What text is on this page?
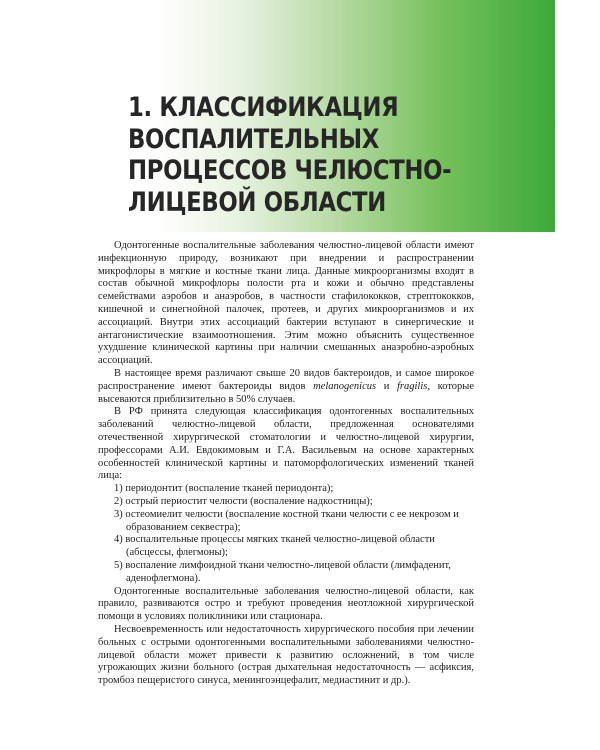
1. КЛАССИФИКАЦИЯ
ВОСПАЛИТЕЛЬНЫХ
ПРОЦЕССОВ ЧЕЛЮСТНО-
ЛИЦЕВОЙ ОБЛАСТИ

Одонтогенные воспалительные заболевания челюстно-лицевой области имеют инфекционную природу, возникают при внедрении и распространении микрофлоры в мягкие и костные ткани лица. Данные микроорганизмы входят в состав обычной микрофлоры полости рта и кожи и обычно представлены семействами аэробов и анаэробов, в частности стафилококков, стрептококков, кишечной и синегнойной палочек, протеев, и других микроорганизмов и их ассоциаций. Внутри этих ассоциаций бактерии вступают в синергические и антагонистические взаимоотношения. Этим можно объяснить существенное ухудшение клинической картины при наличии смешанных анаэробно-аэробных ассоциаций.

В настоящее время различают свыше 20 видов бактероидов, и самое широкое распространение имеют бактероиды видов melanogenicus и fragilis, которые высеваются приблизительно в 50% случаев.

В РФ принята следующая классификация одонтогенных воспалительных заболеваний челюстно-лицевой области, предложенная основателями отечественной хирургической стоматологии и челюстно-лицевой хирургии, профессорами А.И. Евдокимовым и Г.А. Васильевым на основе характерных особенностей клинической картины и патоморфологических изменений тканей лица:

1) периодонтит (воспаление тканей периодонта);
2) острый периостит челюсти (воспаление надкостницы);
3) остеомиелит челюсти (воспаление костной ткани челюсти с ее некрозом и образованием секвестра);
4) воспалительные процессы мягких тканей челюстно-лицевой области (абсцессы, флегмоны);
5) воспаление лимфоидной ткани челюстно-лицевой области (лимфаденит, аденофлегмона).

Одонтогенные воспалительные заболевания челюстно-лицевой области, как правило, развиваются остро и требуют проведения неотложной хирургической помощи в условиях поликлиники или стационара.

Несвоевременность или недостаточность хирургического пособия при лечении больных с острыми одонтогенными воспалительными заболеваниями челюстно-лицевой области может привести к развитию осложнений, в том числе угрожающих жизни больного (острая дыхательная недостаточность — асфиксия, тромбоз пещеристого синуса, менингоэнцефалит, медиастинит и др.).
